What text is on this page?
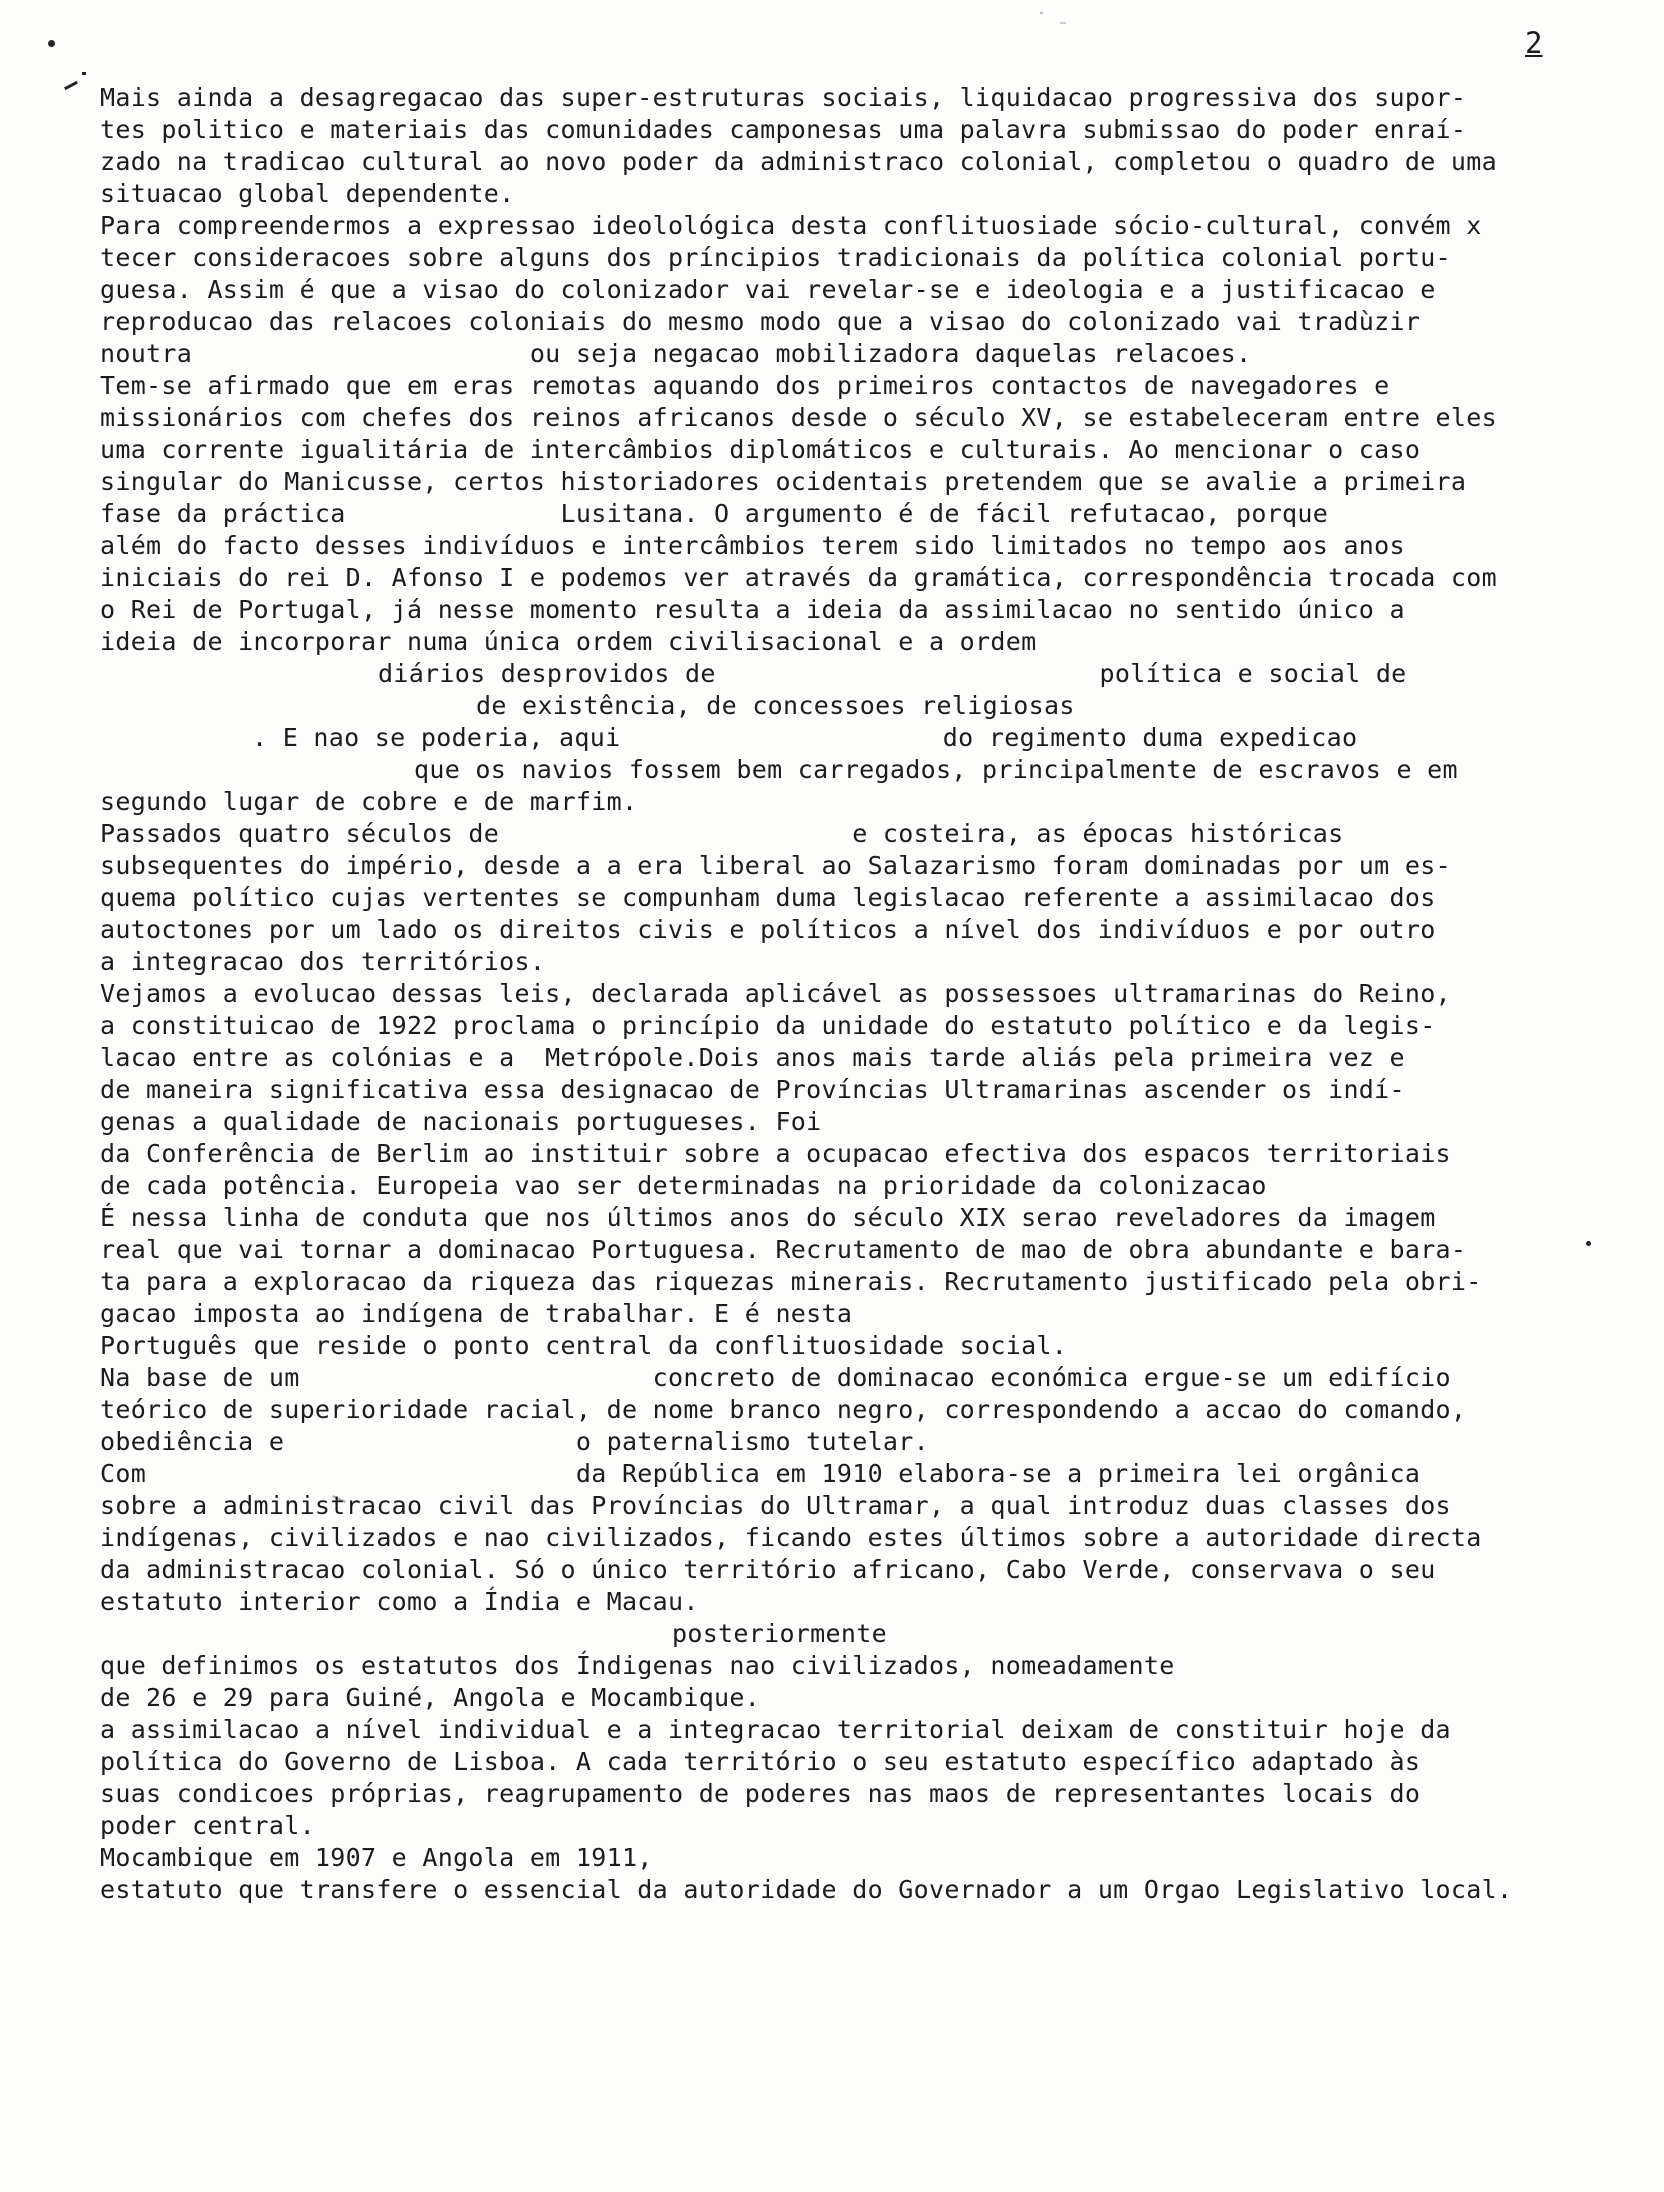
2
Mais ainda a desagregacao das super-estruturas sociais, liquidacao progressiva dos supor-
tes politico e materiais das comunidades camponesas uma palavra submissao do poder enraí-
zado na tradicao cultural ao novo poder da administraco colonial, completou o quadro de uma
situacao global dependente.
Para compreendermos a expressao ideolológica desta conflituosiade sócio-cultural, convém x
tecer consideracoes sobre alguns dos príncipios tradicionais da política colonial portu-
guesa. Assim é que a visao do colonizador vai revelar-se e ideologia e a justificacao e
reproducao das relacoes coloniais do mesmo modo que a visao do colonizado vai tradùzir
noutra                      ou seja negacao mobilizadora daquelas relacoes.
Tem-se afirmado que em eras remotas aquando dos primeiros contactos de navegadores e
missionários com chefes dos reinos africanos desde o século XV, se estabeleceram entre eles
uma corrente igualitária de intercâmbios diplomáticos e culturais. Ao mencionar o caso
singular do Manicusse, certos historiadores ocidentais pretendem que se avalie a primeira
fase da práctica              Lusitana. O argumento é de fácil refutacao, porque
além do facto desses indivíduos e intercâmbios terem sido limitados no tempo aos anos
iniciais do rei D. Afonso I e podemos ver através da gramática, correspondência trocada com
o Rei de Portugal, já nesse momento resulta a ideia da assimilacao no sentido único a
ideia de incorporar numa única ordem civilisacional e a ordem
diários desprovidos de                         política e social de
de existência, de concessoes religiosas
. E nao se poderia, aqui                     do regimento duma expedicao
que os navios fossem bem carregados, principalmente de escravos e em
segundo lugar de cobre e de marfim.
Passados quatro séculos de                       e costeira, as épocas históricas
subsequentes do império, desde a a era liberal ao Salazarismo foram dominadas por um es-
quema político cujas vertentes se compunham duma legislacao referente a assimilacao dos
autoctones por um lado os direitos civis e políticos a nível dos indivíduos e por outro
a integracao dos territórios.
Vejamos a evolucao dessas leis, declarada aplicável as possessoes ultramarinas do Reino,
a constituicao de 1922 proclama o princípio da unidade do estatuto político e da legis-
lacao entre as colónias e a  Metrópole.Dois anos mais tarde aliás pela primeira vez e
de maneira significativa essa designacao de Províncias Ultramarinas ascender os indí-
genas a qualidade de nacionais portugueses. Foi
da Conferência de Berlim ao instituir sobre a ocupacao efectiva dos espacos territoriais
de cada potência. Europeia vao ser determinadas na prioridade da colonizacao
É nessa linha de conduta que nos últimos anos do século XIX serao reveladores da imagem
real que vai tornar a dominacao Portuguesa. Recrutamento de mao de obra abundante e bara-
ta para a exploracao da riqueza das riquezas minerais. Recrutamento justificado pela obri-
gacao imposta ao indígena de trabalhar. E é nesta
Português que reside o ponto central da conflituosidade social.
Na base de um                       concreto de dominacao económica ergue-se um edifício
teórico de superioridade racial, de nome branco negro, correspondendo a accao do comando,
obediência e                   o paternalismo tutelar.
Com                            da República em 1910 elabora-se a primeira lei orgânica
sobre a administracao civil das Províncias do Ultramar, a qual introduz duas classes dos
indígenas, civilizados e nao civilizados, ficando estes últimos sobre a autoridade directa
da administracao colonial. Só o único território africano, Cabo Verde, conservava o seu
estatuto interior como a Índia e Macau.
posteriormente
que definimos os estatutos dos Índigenas nao civilizados, nomeadamente
de 26 e 29 para Guiné, Angola e Mocambique.
a assimilacao a nível individual e a integracao territorial deixam de constituir hoje da
política do Governo de Lisboa. A cada território o seu estatuto específico adaptado às
suas condicoes próprias, reagrupamento de poderes nas maos de representantes locais do
poder central.
Mocambique em 1907 e Angola em 1911,
estatuto que transfere o essencial da autoridade do Governador a um Orgao Legislativo local.
